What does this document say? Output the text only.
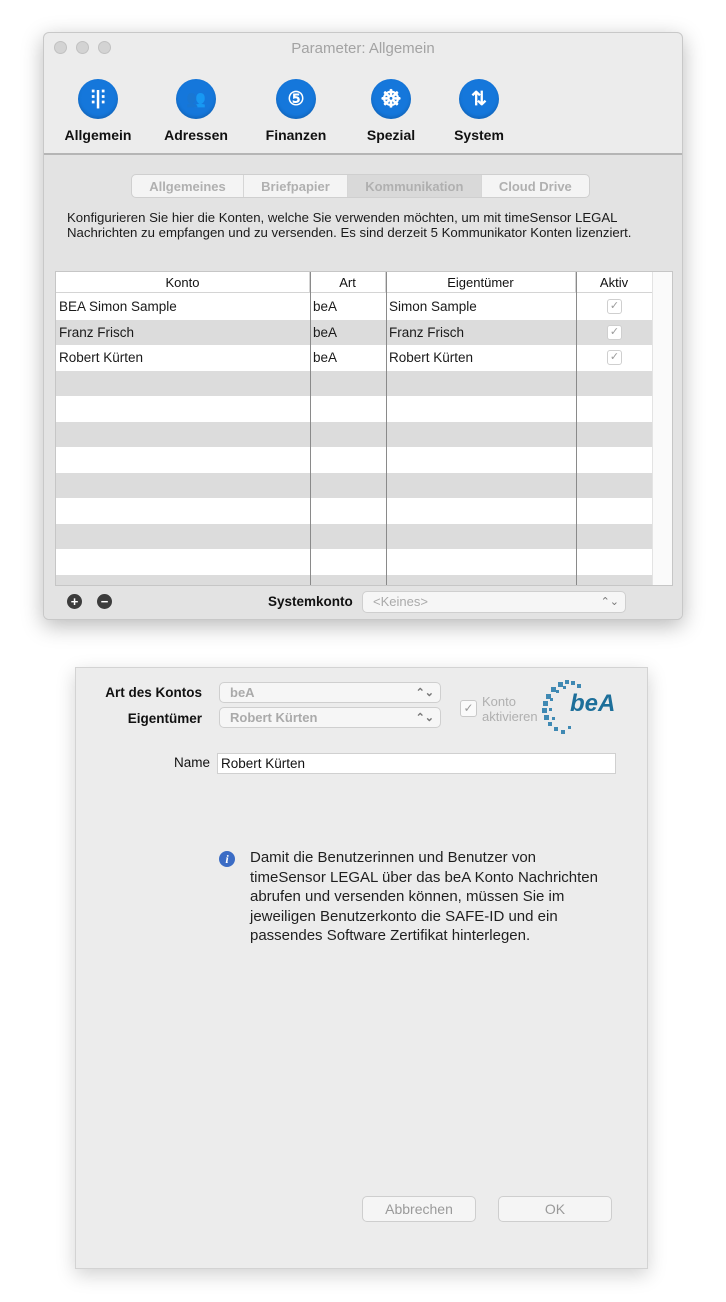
Parameter: Allgemein
⫶|⫶
Allgemein
👥
Adressen
⑤
Finanzen
☸
Spezial
⇅
System
Allgemeines	Briefpapier	Kommunikation	Cloud Drive
Konfigurieren Sie hier die Konten, welche Sie verwenden möchten, um mit timeSensor LEGAL Nachrichten zu empfangen und zu versenden. Es sind derzeit 5 Kommunikator Konten lizenziert.
Konto	Art	Eigentümer	Aktiv
BEA Simon Sample	beA	Simon Sample	✓
Franz Frisch	beA	Franz Frisch	✓
Robert Kürten	beA	Robert Kürten	✓
+ −	Systemkonto	<Keines>	⌃⌄
Art des Kontos	beA	⌃⌄
Eigentümer	Robert Kürten	⌃⌄
✓ Konto aktivieren beA
Name Robert Kürten
i	Damit die Benutzerinnen und Benutzer von timeSensor LEGAL über das beA Konto Nachrichten abrufen und versenden können, müssen Sie im jeweiligen Benutzerkonto die SAFE-ID und ein passendes Software Zertifikat hinterlegen.
Abbrechen	OK
